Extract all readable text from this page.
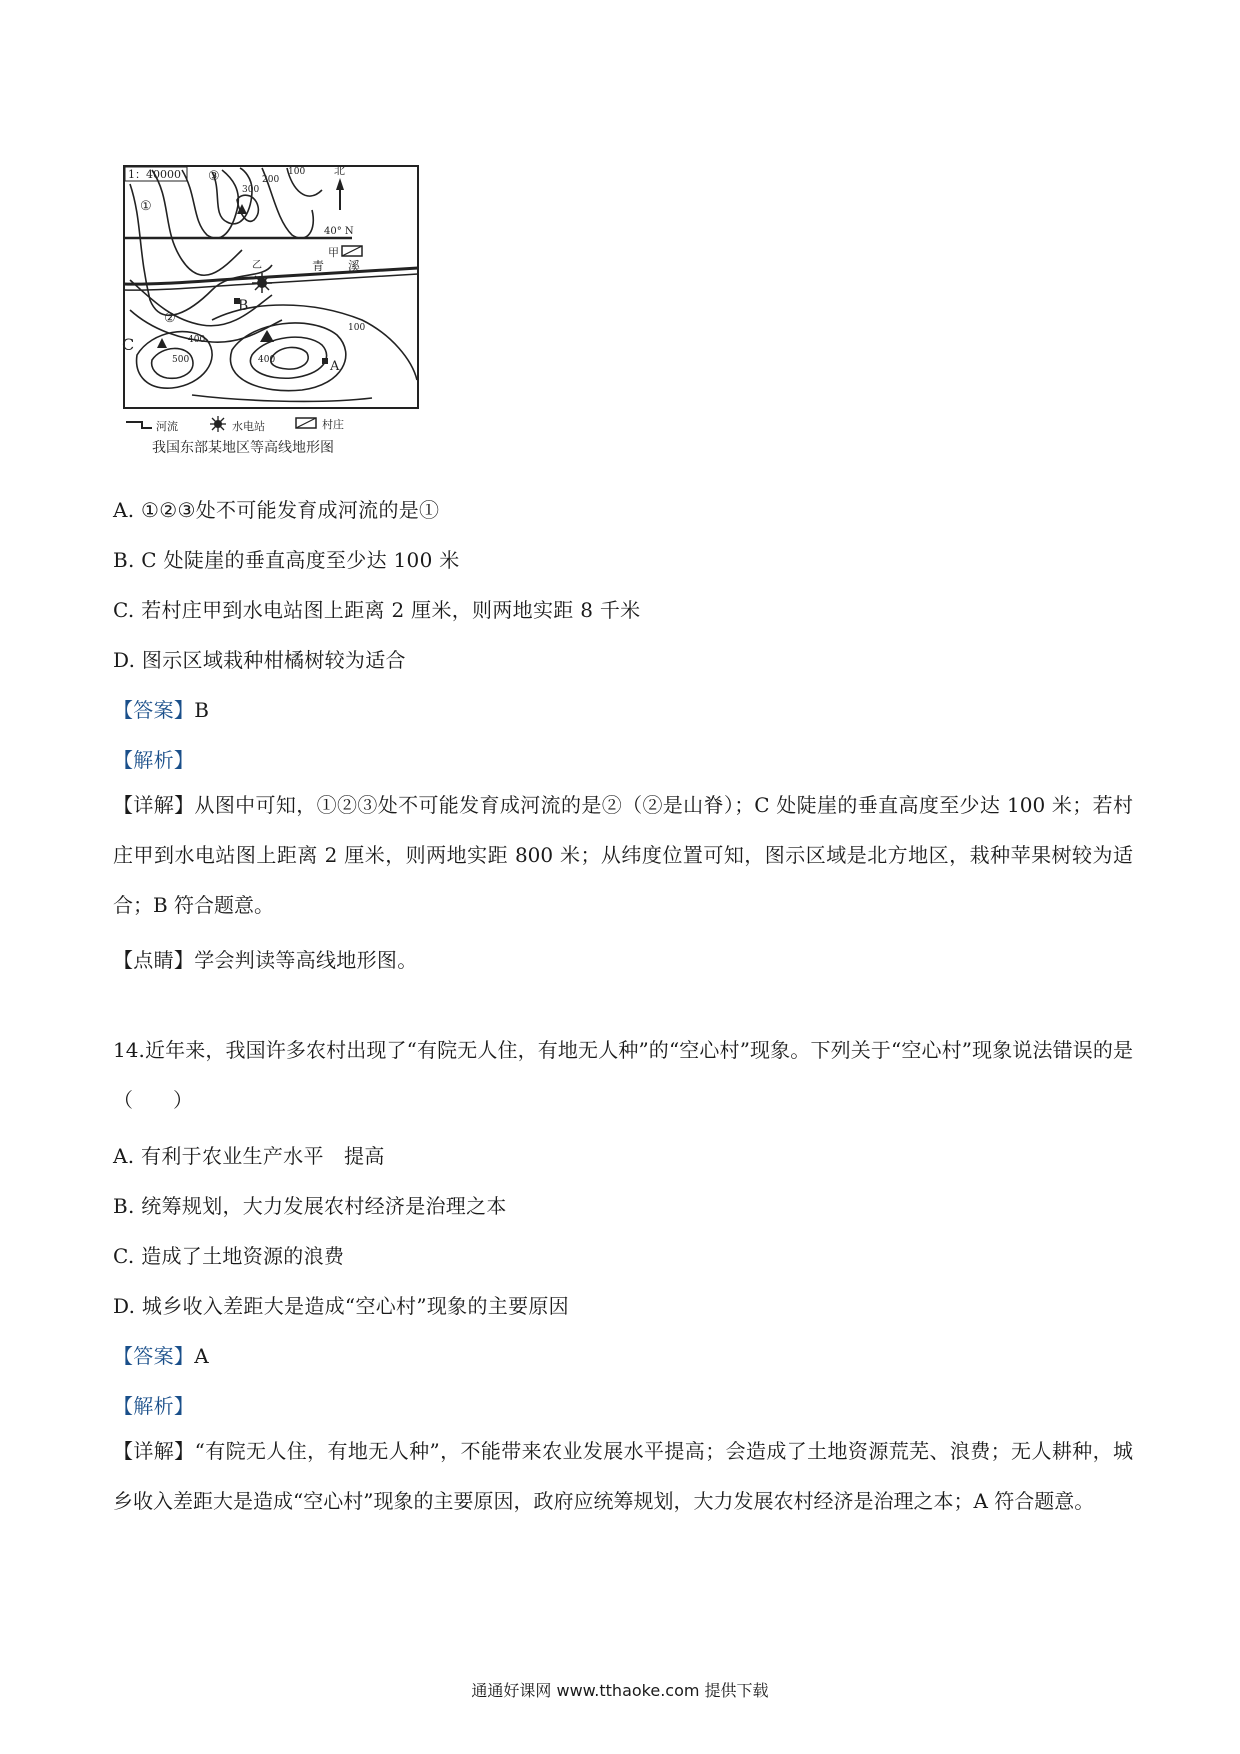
1：40000
40° N
北
甲
青 溪
乙
B
A
C
①
②
③
300
200
100
400
500	400
100
河流	水电站	村庄
我国东部某地区等高线地形图
A. ①②③处不可能发育成河流的是①
B. C 处陡崖的垂直高度至少达 100 米
C. 若村庄甲到水电站图上距离 2 厘米，则两地实距 8 千米
D. 图示区域栽种柑橘树较为适合
【答案】B
【解析】
【详解】从图中可知，①②③处不可能发育成河流的是②（②是山脊）；C 处陡崖的垂直高度至少达 100 米；若村庄甲到水电站图上距离 2 厘米，则两地实距 800 米；从纬度位置可知，图示区域是北方地区，栽种苹果树较为适合；B 符合题意。
【点睛】学会判读等高线地形图。
14.近年来，我国许多农村出现了“有院无人住，有地无人种”的“空心村”现象。下列关于“空心村”现象说法错误的是（　　）
A. 有利于农业生产水平　提高
B. 统筹规划，大力发展农村经济是治理之本
C. 造成了土地资源的浪费
D. 城乡收入差距大是造成“空心村”现象的主要原因
【答案】A
【解析】
【详解】“有院无人住，有地无人种”，不能带来农业发展水平提高；会造成了土地资源荒芜、浪费；无人耕种，城乡收入差距大是造成“空心村”现象的主要原因，政府应统筹规划，大力发展农村经济是治理之本；A 符合题意。
通通好课网 www.tthaoke.com 提供下载
